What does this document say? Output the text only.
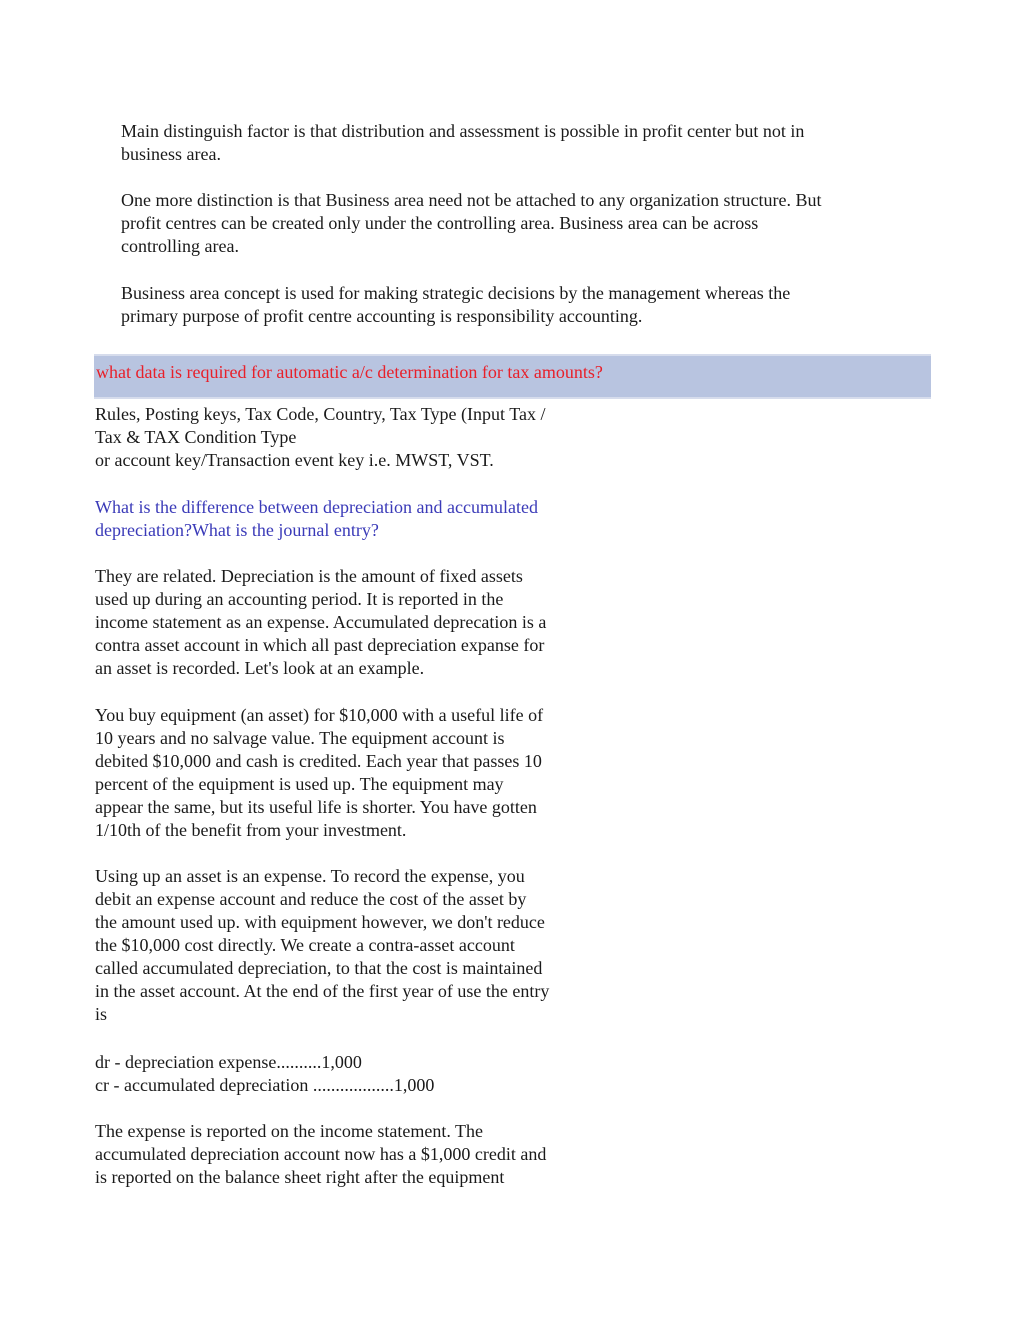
Main distinguish factor is that distribution and assessment is possible in profit center but not in
business area.
One more distinction is that Business area need not be attached to any organization structure. But
profit centres can be created only under the controlling area. Business area can be across
controlling area.
Business area concept is used for making strategic decisions by the management whereas the
primary purpose of profit centre accounting is responsibility accounting.
what data is required for automatic a/c determination for tax amounts?
Rules, Posting keys, Tax Code, Country, Tax Type (Input Tax /
Tax & TAX Condition Type
or account key/Transaction event key i.e. MWST, VST.
What is the difference between depreciation and accumulated
depreciation?What is the journal entry?
They are related. Depreciation is the amount of fixed assets
used up during an accounting period. It is reported in the
income statement as an expense. Accumulated deprecation is a
contra asset account in which all past depreciation expanse for
an asset is recorded. Let's look at an example.
You buy equipment (an asset) for $10,000 with a useful life of
10 years and no salvage value. The equipment account is
debited $10,000 and cash is credited. Each year that passes 10
percent of the equipment is used up. The equipment may
appear the same, but its useful life is shorter. You have gotten
1/10th of the benefit from your investment.
Using up an asset is an expense. To record the expense, you
debit an expense account and reduce the cost of the asset by
the amount used up. with equipment however, we don't reduce
the $10,000 cost directly. We create a contra-asset account
called accumulated depreciation, to that the cost is maintained
in the asset account. At the end of the first year of use the entry
is
dr - depreciation expense..........1,000
cr - accumulated depreciation ..................1,000
The expense is reported on the income statement. The
accumulated depreciation account now has a $1,000 credit and
is reported on the balance sheet right after the equipment
